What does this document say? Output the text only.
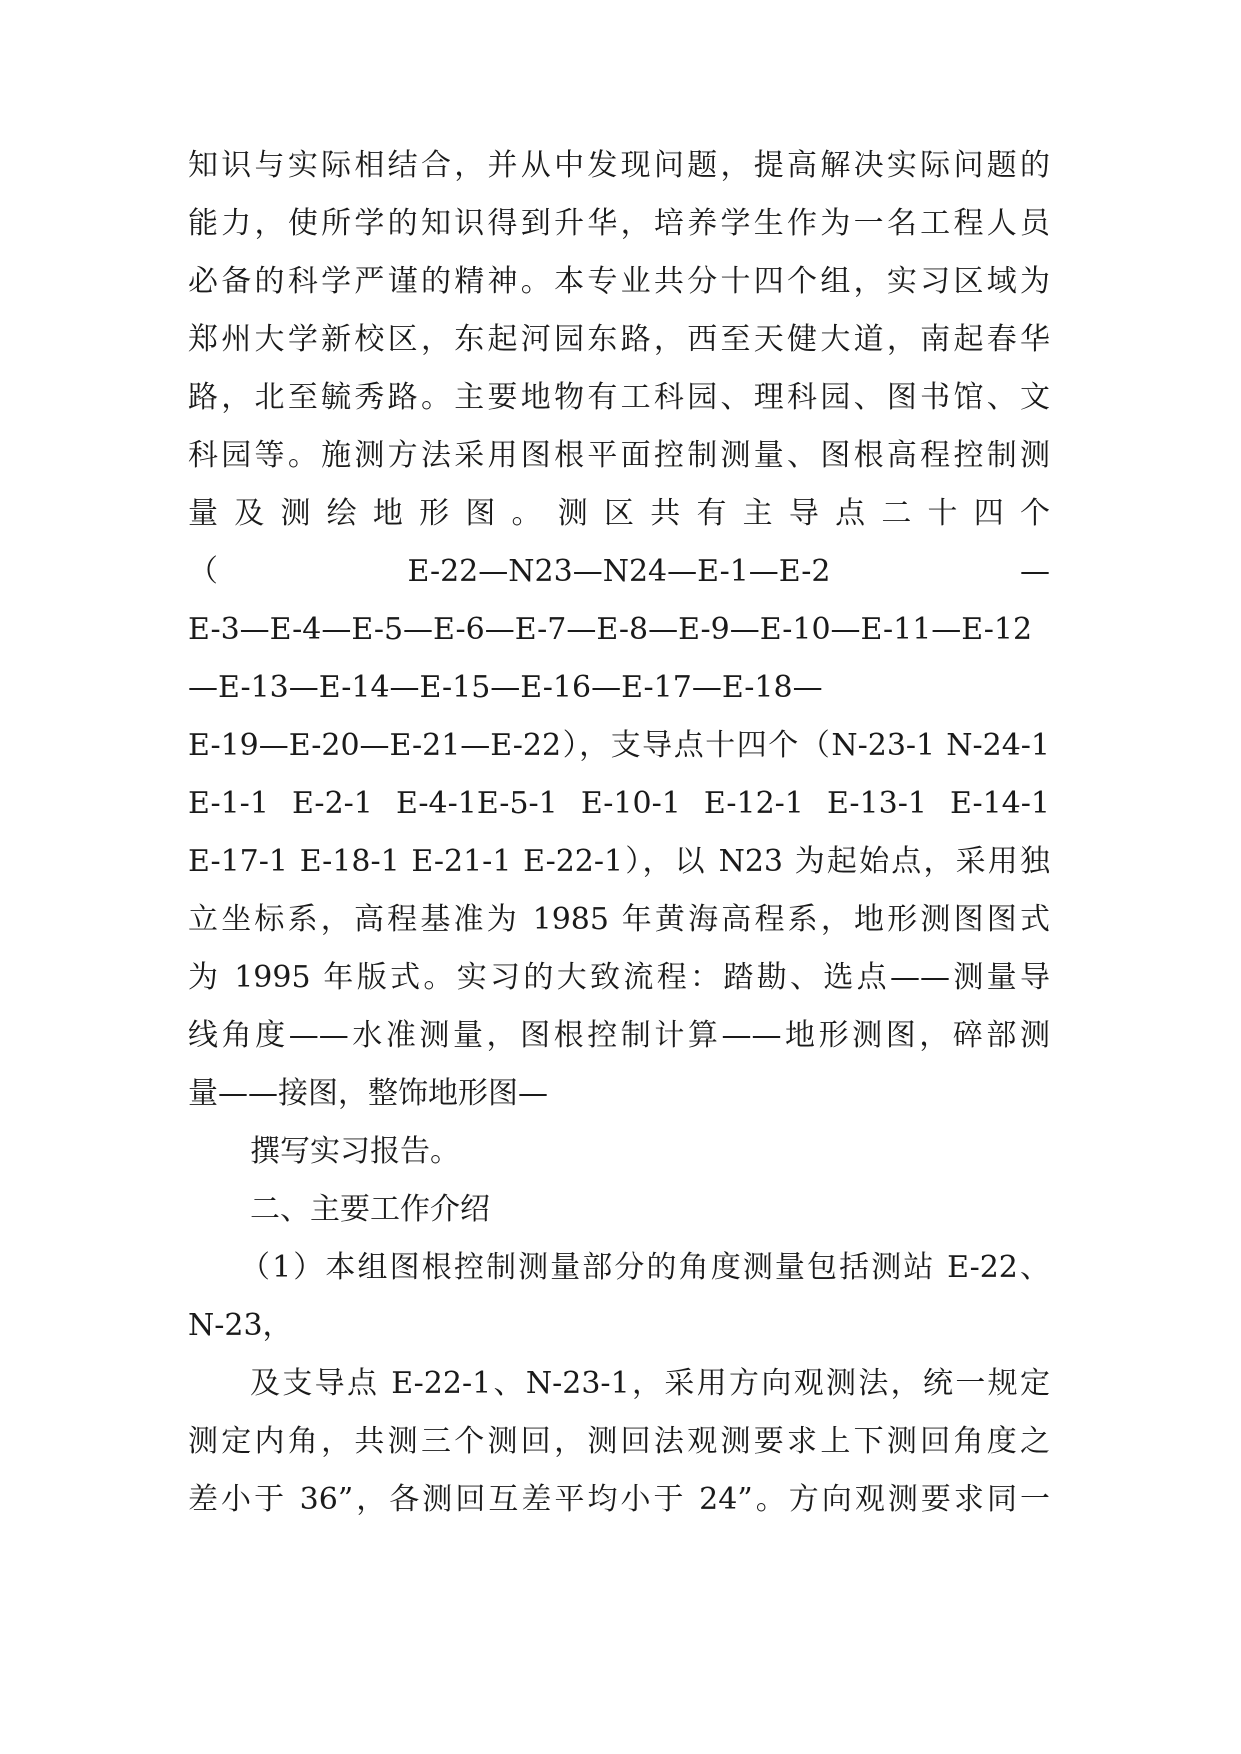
知识与实际相结合，并从中发现问题，提高解决实际问题的
能力，使所学的知识得到升华，培养学生作为一名工程人员
必备的科学严谨的精神。本专业共分十四个组，实习区域为
郑州大学新校区，东起河园东路，西至天健大道，南起春华
路，北至毓秀路。主要地物有工科园、理科园、图书馆、文
科园等。施测方法采用图根平面控制测量、图根高程控制测
量 及 测 绘 地 形 图 。 测 区 共 有 主 导 点 二 十 四 个
（	E-22—N23—N24—E-1—E-2	—
E-3—E-4—E-5—E-6—E-7—E-8—E-9—E-10—E-11—E-12
—E-13—E-14—E-15—E-16—E-17—E-18—
E-19—E-20—E-21—E-22），支导点十四个（N-23-1 N-24-1
E-1-1 E-2-1 E-4-1E-5-1 E-10-1 E-12-1 E-13-1 E-14-1
E-17-1 E-18-1 E-21-1 E-22-1），以 N23 为起始点，采用独
立坐标系，高程基准为 1985 年黄海高程系，地形测图图式
为 1995 年版式。实习的大致流程：踏勘、选点——测量导
线角度——水准测量，图根控制计算——地形测图，碎部测
量——接图，整饰地形图—
撰写实习报告。
二、主要工作介绍
（1）本组图根控制测量部分的角度测量包括测站 E-22、
N-23，
及支导点 E-22-1、N-23-1，采用方向观测法，统一规定
测定内角，共测三个测回，测回法观测要求上下测回角度之
差小于 36”，各测回互差平均小于 24”。方向观测要求同一
